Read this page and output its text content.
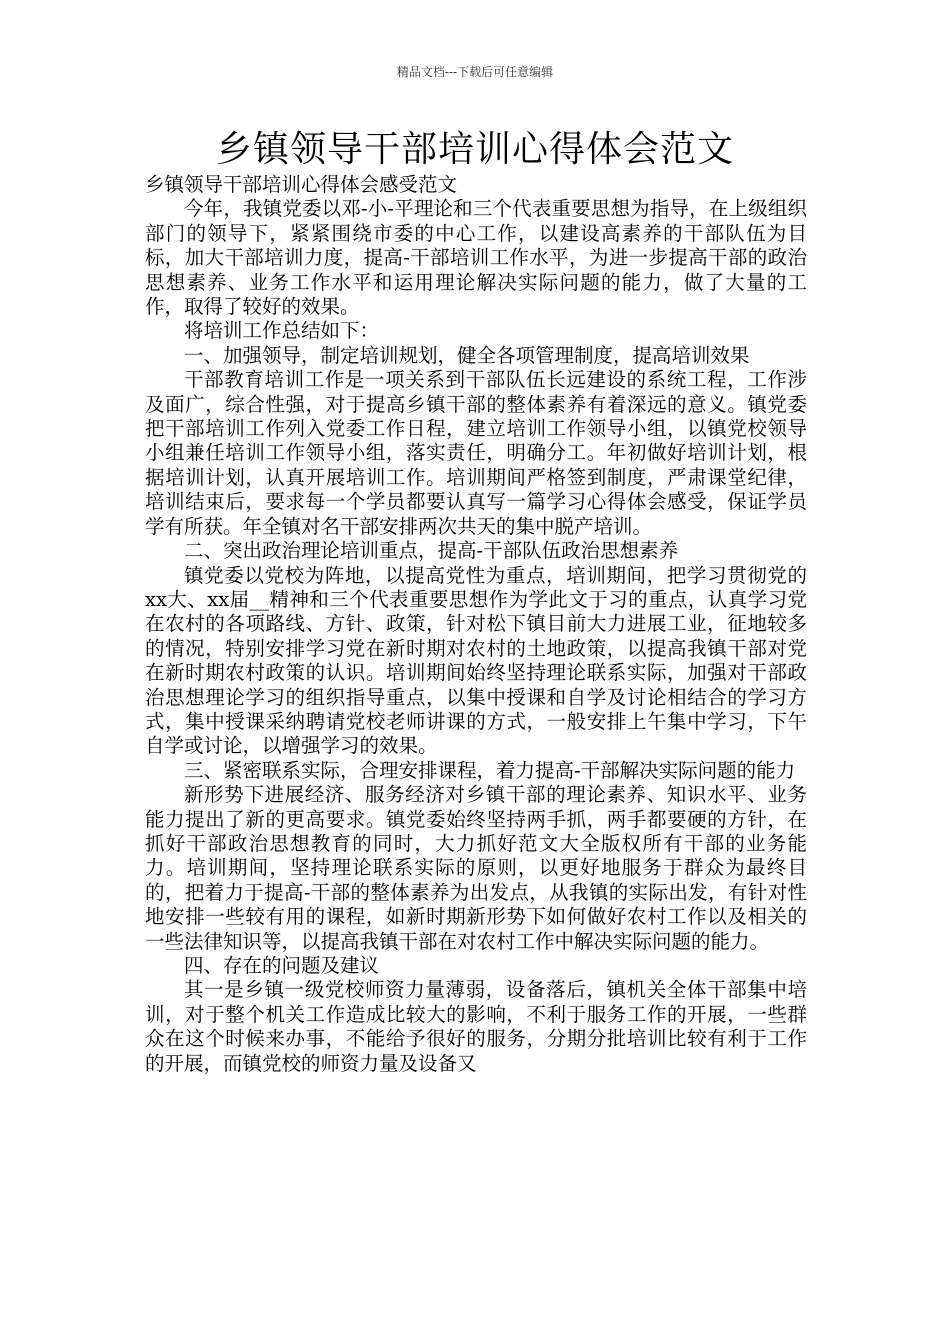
精品文档---下载后可任意编辑
乡镇领导干部培训心得体会范文

乡镇领导干部培训心得体会感受范文

今年，我镇党委以邓-小-平理论和三个代表重要思想为指导，在上级组织部门的领导下，紧紧围绕市委的中心工作，以建设高素养的干部队伍为目标，加大干部培训力度，提高-干部培训工作水平，为进一步提高干部的政治思想素养、业务工作水平和运用理论解决实际问题的能力，做了大量的工作，取得了较好的效果。

将培训工作总结如下：

一、加强领导，制定培训规划，健全各项管理制度，提高培训效果

干部教育培训工作是一项关系到干部队伍长远建设的系统工程，工作涉及面广，综合性强，对于提高乡镇干部的整体素养有着深远的意义。镇党委把干部培训工作列入党委工作日程，建立培训工作领导小组，以镇党校领导小组兼任培训工作领导小组，落实责任，明确分工。年初做好培训计划，根据培训计划，认真开展培训工作。培训期间严格签到制度，严肃课堂纪律，培训结束后，要求每一个学员都要认真写一篇学习心得体会感受，保证学员学有所获。年全镇对名干部安排两次共天的集中脱产培训。

二、突出政治理论培训重点，提高-干部队伍政治思想素养

镇党委以党校为阵地，以提高党性为重点，培训期间，把学习贯彻党的xx大、xx届__精神和三个代表重要思想作为学此文于习的重点，认真学习党在农村的各项路线、方针、政策，针对松下镇目前大力进展工业，征地较多的情况，特别安排学习党在新时期对农村的土地政策，以提高我镇干部对党在新时期农村政策的认识。培训期间始终坚持理论联系实际，加强对干部政治思想理论学习的组织指导重点，以集中授课和自学及讨论相结合的学习方式，集中授课采纳聘请党校老师讲课的方式，一般安排上午集中学习，下午自学或讨论，以增强学习的效果。

三、紧密联系实际，合理安排课程，着力提高-干部解决实际问题的能力

新形势下进展经济、服务经济对乡镇干部的理论素养、知识水平、业务能力提出了新的更高要求。镇党委始终坚持两手抓，两手都要硬的方针，在抓好干部政治思想教育的同时，大力抓好范文大全版权所有干部的业务能力。培训期间，坚持理论联系实际的原则，以更好地服务于群众为最终目的，把着力于提高-干部的整体素养为出发点，从我镇的实际出发，有针对性地安排一些较有用的课程，如新时期新形势下如何做好农村工作以及相关的一些法律知识等，以提高我镇干部在对农村工作中解决实际问题的能力。

四、存在的问题及建议

其一是乡镇一级党校师资力量薄弱，设备落后，镇机关全体干部集中培训，对于整个机关工作造成比较大的影响，不利于服务工作的开展，一些群众在这个时候来办事，不能给予很好的服务，分期分批培训比较有利于工作的开展，而镇党校的师资力量及设备又
